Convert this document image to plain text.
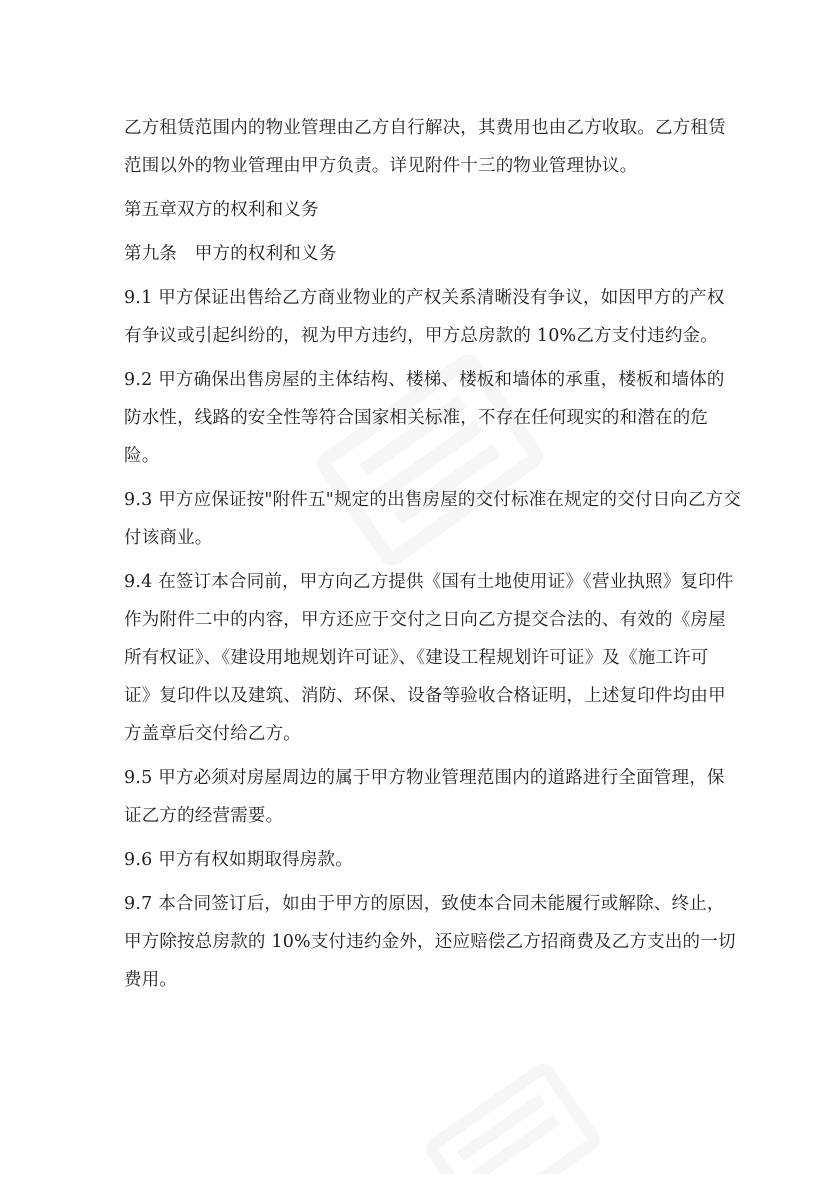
乙方租赁范围内的物业管理由乙方自行解决，其费用也由乙方收取。乙方租赁
范围以外的物业管理由甲方负责。详见附件十三的物业管理协议。

第五章双方的权利和义务

第九条　甲方的权利和义务

9.1 甲方保证出售给乙方商业物业的产权关系清晰没有争议，如因甲方的产权
有争议或引起纠纷的，视为甲方违约，甲方总房款的 10%乙方支付违约金。

9.2 甲方确保出售房屋的主体结构、楼梯、楼板和墙体的承重，楼板和墙体的
防水性，线路的安全性等符合国家相关标准，不存在任何现实的和潜在的危
险。

9.3 甲方应保证按"附件五"规定的出售房屋的交付标准在规定的交付日向乙方交
付该商业。

9.4 在签订本合同前，甲方向乙方提供《国有土地使用证》《营业执照》复印件
作为附件二中的内容，甲方还应于交付之日向乙方提交合法的、有效的《房屋
所有权证》、《建设用地规划许可证》、《建设工程规划许可证》及《施工许可
证》复印件以及建筑、消防、环保、设备等验收合格证明，上述复印件均由甲
方盖章后交付给乙方。

9.5 甲方必须对房屋周边的属于甲方物业管理范围内的道路进行全面管理，保
证乙方的经营需要。

9.6 甲方有权如期取得房款。

9.7 本合同签订后，如由于甲方的原因，致使本合同未能履行或解除、终止，
甲方除按总房款的 10%支付违约金外，还应赔偿乙方招商费及乙方支出的一切
费用。
